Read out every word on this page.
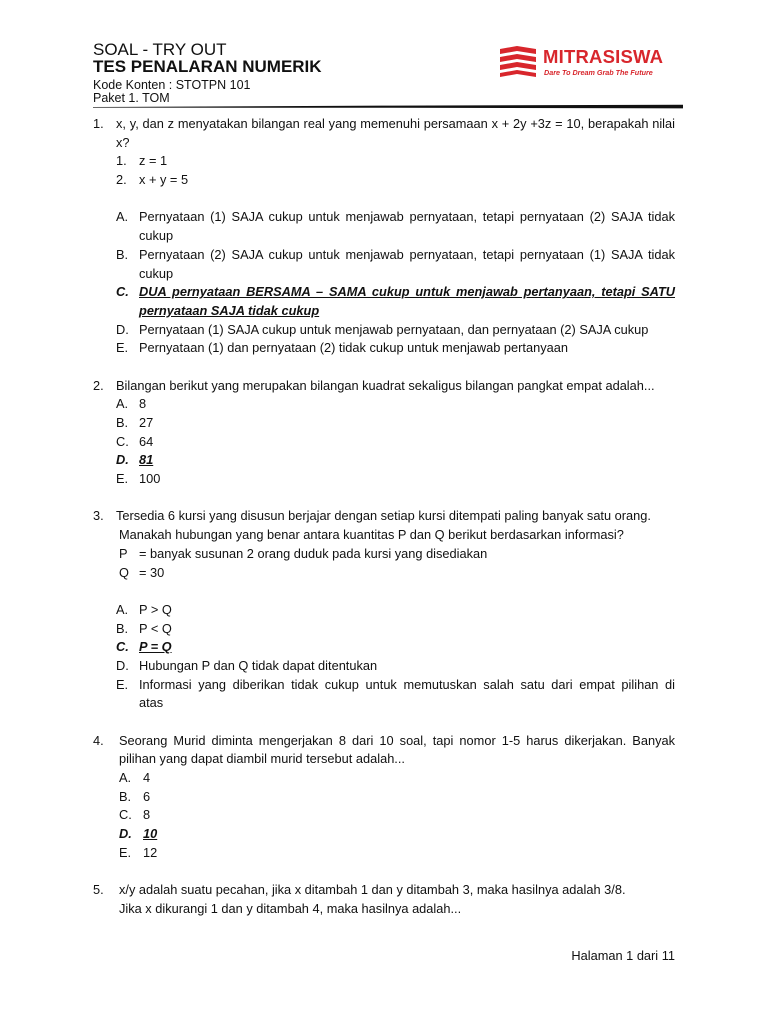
SOAL - TRY OUT
TES PENALARAN NUMERIK
Kode Konten : STOTPN 101
Paket 1. TOM
MITRASISWA
Dare To Dream Grab The Future
1. x, y, dan z menyatakan bilangan real yang memenuhi persamaan x + 2y +3z = 10, berapakah nilai
x?
1. z = 1
2. x + y = 5
A. Pernyataan (1) SAJA cukup untuk menjawab pernyataan, tetapi pernyataan (2) SAJA tidak
cukup
B. Pernyataan (2) SAJA cukup untuk menjawab pernyataan, tetapi pernyataan (1) SAJA tidak
cukup
C. DUA pernyataan BERSAMA – SAMA cukup untuk menjawab pertanyaan, tetapi SATU
pernyataan SAJA tidak cukup
D. Pernyataan (1) SAJA cukup untuk menjawab pernyataan, dan pernyataan (2) SAJA cukup
E. Pernyataan (1) dan pernyataan (2) tidak cukup untuk menjawab pertanyaan
2. Bilangan berikut yang merupakan bilangan kuadrat sekaligus bilangan pangkat empat adalah...
A. 8
B. 27
C. 64
D. 81
E. 100
3. Tersedia 6 kursi yang disusun berjajar dengan setiap kursi ditempati paling banyak satu orang.
Manakah hubungan yang benar antara kuantitas P dan Q berikut berdasarkan informasi?
P = banyak susunan 2 orang duduk pada kursi yang disediakan
Q = 30
A. P > Q
B. P < Q
C. P = Q
D. Hubungan P dan Q tidak dapat ditentukan
E. Informasi yang diberikan tidak cukup untuk memutuskan salah satu dari empat pilihan di
atas
4. Seorang Murid diminta mengerjakan 8 dari 10 soal, tapi nomor 1-5 harus dikerjakan. Banyak
pilihan yang dapat diambil murid tersebut adalah...
A. 4
B. 6
C. 8
D. 10
E. 12
5. x/y adalah suatu pecahan, jika x ditambah 1 dan y ditambah 3, maka hasilnya adalah 3/8.
Jika x dikurangi 1 dan y ditambah 4, maka hasilnya adalah...
Halaman 1 dari 11
